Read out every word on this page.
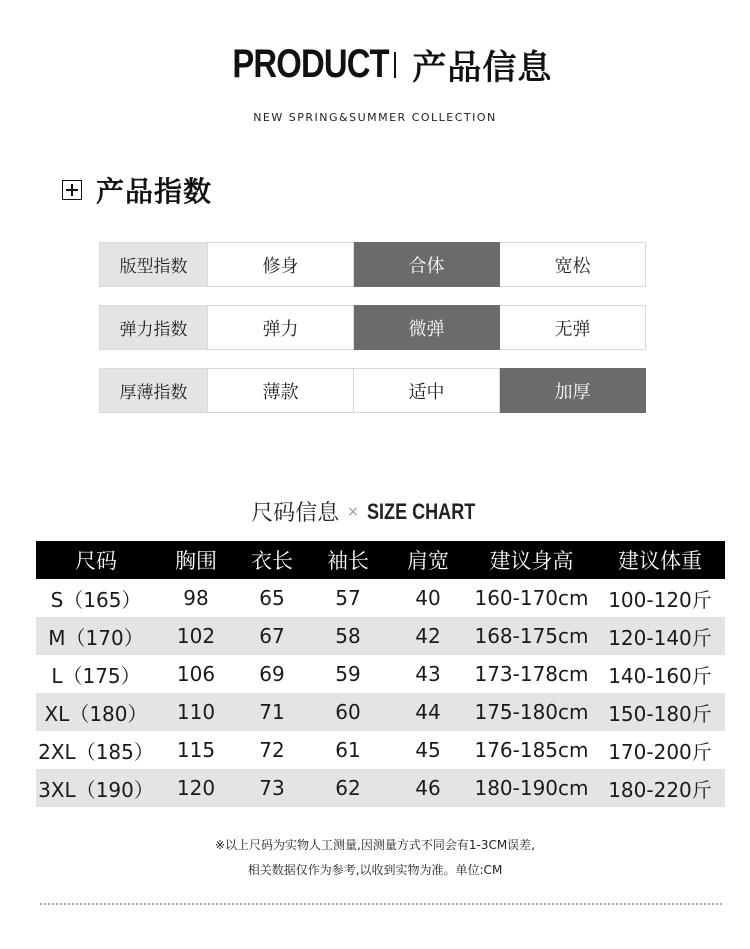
PRODUCT 产品信息
NEW SPRING&SUMMER COLLECTION
产品指数
版型指数	修身	合体	宽松
弹力指数	弹力	微弹	无弹
厚薄指数	薄款	适中	加厚
尺码信息 × SIZE CHART
尺码	胸围	衣长	袖长	肩宽	建议身高	建议体重
S（165）	98	65	57	40	160-170cm 100-120斤
M（170）	102	67	58	42	168-175cm 120-140斤
L（175）	106	69	59	43	173-178cm 140-160斤
XL（180）	110	71	60	44	175-180cm 150-180斤
2XL（185）	115	72	61	45	176-185cm 170-200斤
3XL（190）	120	73	62	46	180-190cm 180-220斤
※以上尺码为实物人工测量,因测量方式不同会有1-3CM误差,
相关数据仅作为参考,以收到实物为准。单位:CM
